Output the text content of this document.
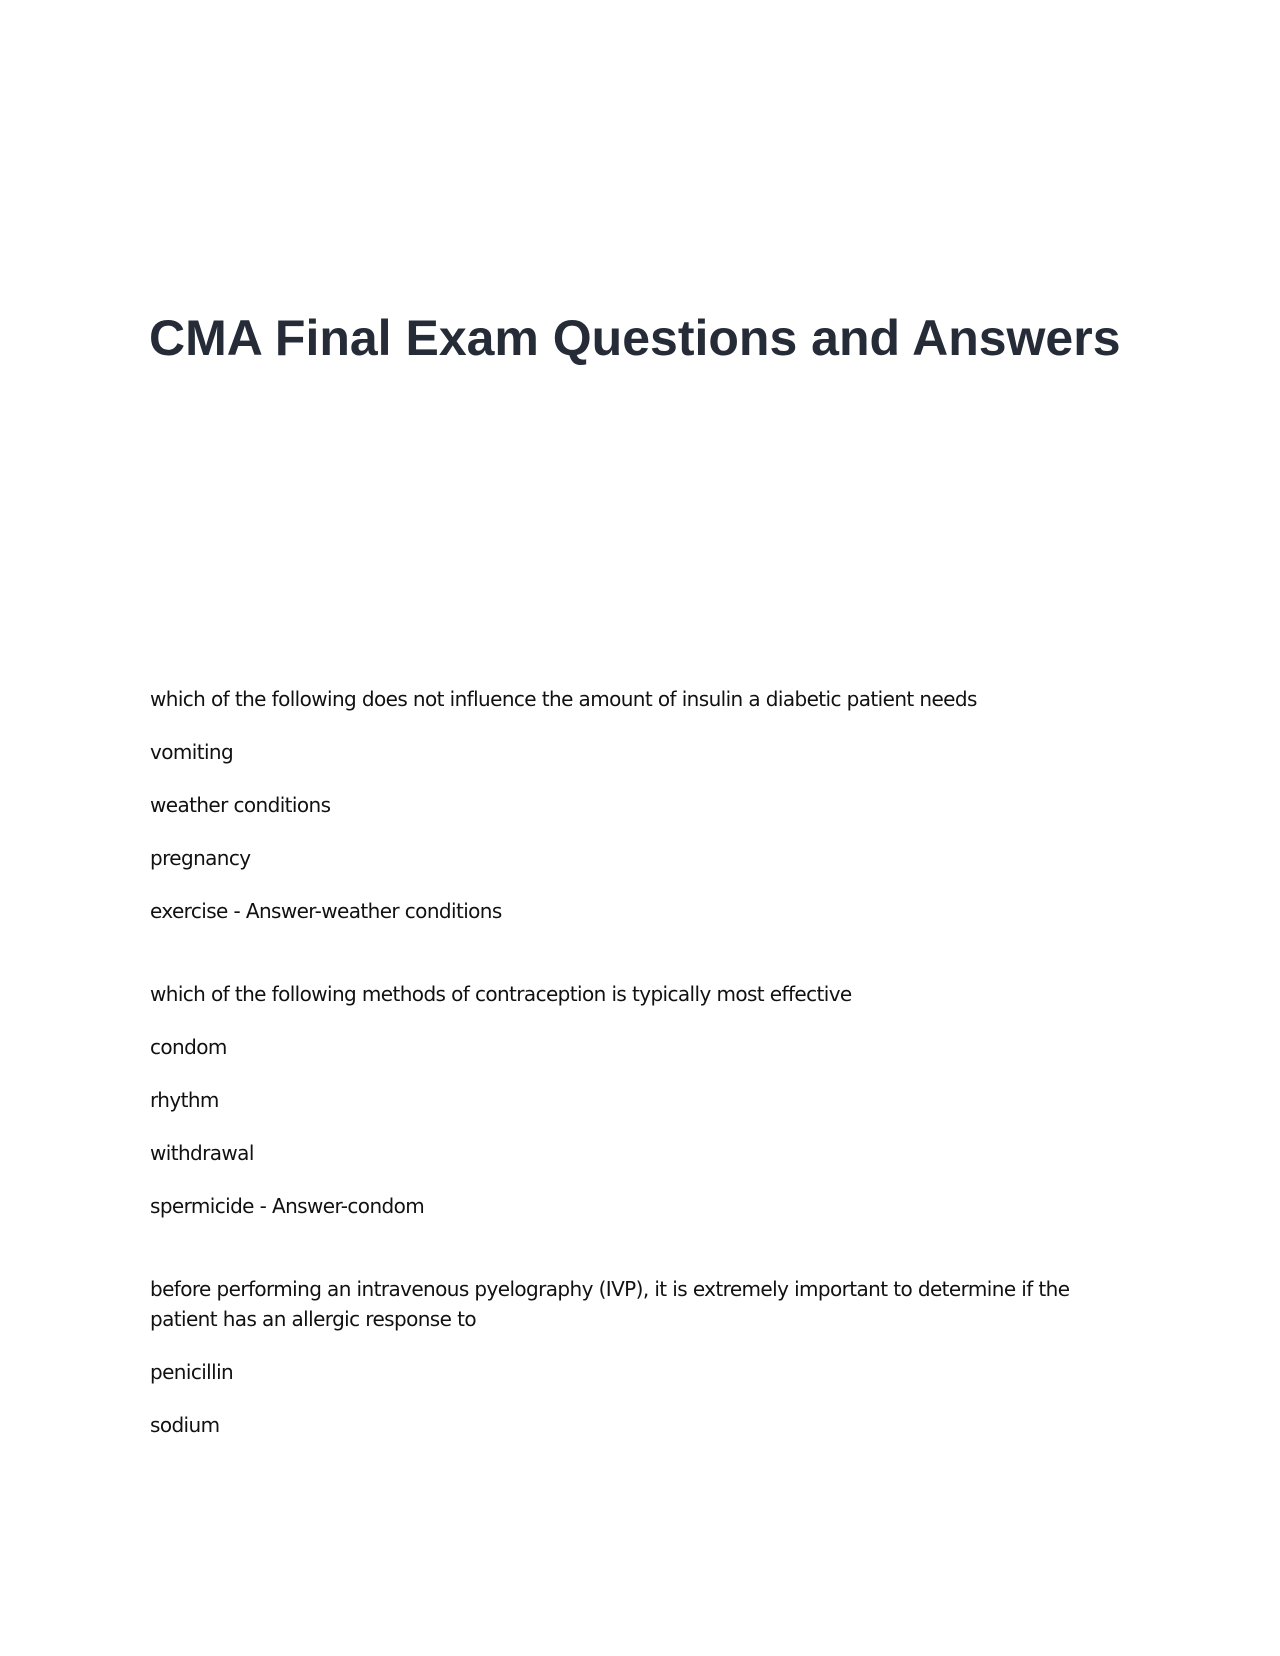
CMA Final Exam Questions and Answers

which of the following does not influence the amount of insulin a diabetic patient needs

vomiting

weather conditions

pregnancy

exercise - Answer-weather conditions

which of the following methods of contraception is typically most effective

condom

rhythm

withdrawal

spermicide - Answer-condom

before performing an intravenous pyelography (IVP), it is extremely important to determine if the patient has an allergic response to

penicillin

sodium
